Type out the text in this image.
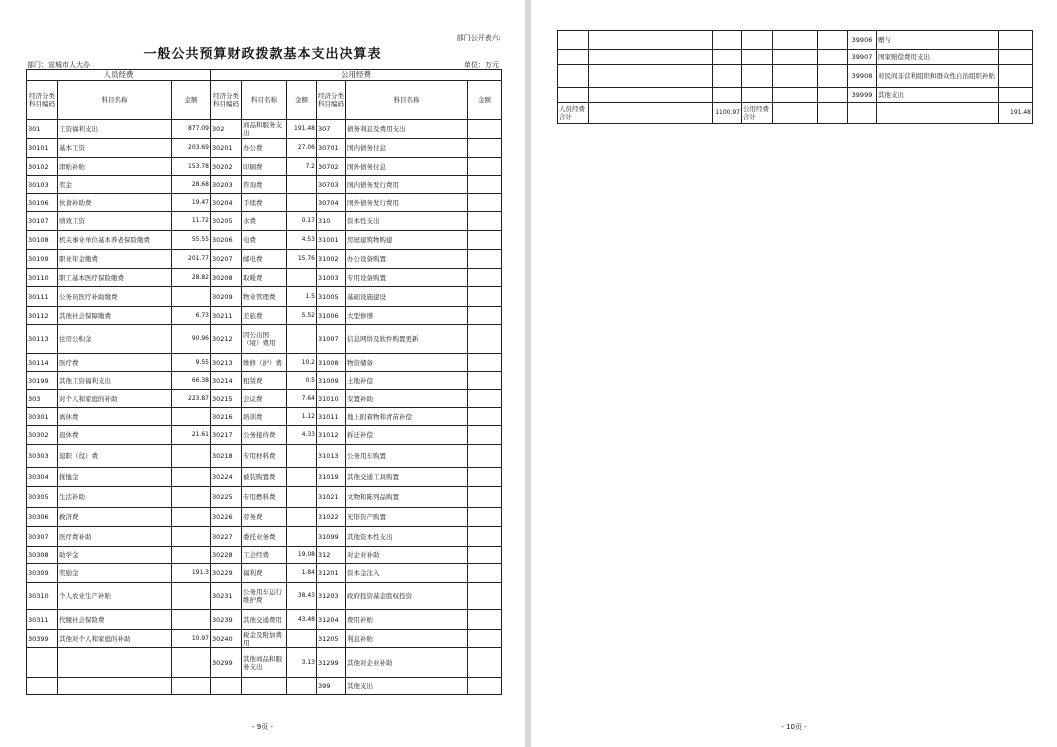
部门公开表六:
一般公共预算财政拨款基本支出决算表
部门：宣城市人大办	单位：万元
人员经费			公用经费					
经济分类科目编码	科目名称	金额	经济分类科目编码	科目名称	金额	经济分类科目编码	科目名称	金额
301	工资福利支出	877.09	302	商品和服务支出	191.48	307	债务利息及费用支出	
30101	基本工资	203.69	30201	办公费	27.06	30701	国内债务付息	
30102	津贴补贴	153.78	30202	印刷费	7.2	30702	国外债务付息	
30103	奖金	28.68	30203	咨询费		30703	国内债务发行费用	
30106	伙食补助费	19.47	30204	手续费		30704	国外债务发行费用	
30107	绩效工资	11.72	30205	水费	0.17	310	资本性支出	
30108	机关事业单位基本养老保险缴费	55.55	30206	电费	4.53	31001	房屋建筑物购建	
30109	职业年金缴费	201.77	30207	邮电费	15.76	31002	办公设备购置	
30110	职工基本医疗保险缴费	28.82	30208	取暖费		31003	专用设备购置	
30111	公务员医疗补助缴费		30209	物业管理费	1.5	31005	基础设施建设	
30112	其他社会保障缴费	6.73	30211	差旅费	5.52	31006	大型修缮	
30113	住房公积金	90.96	30212	因公出国（境）费用		31007	信息网络及软件购置更新	
30114	医疗费	9.55	30213	维修（护）费	10.2	31008	物资储备	
30199	其他工资福利支出	66.38	30214	租赁费	0.5	31009	土地补偿	
303	对个人和家庭的补助	223.87	30215	会议费	7.64	31010	安置补助	
30301	离休费		30216	培训费	1.12	31011	地上附着物和青苗补偿	
30302	退休费	21.61	30217	公务接待费	4.33	31012	拆迁补偿	
30303	退职（役）费		30218	专用材料费		31013	公务用车购置	
30304	抚恤金		30224	被装购置费		31019	其他交通工具购置	
30305	生活补助		30225	专用燃料费		31021	文物和陈列品购置	
30306	救济费		30226	劳务费		31022	无形资产购置	
30307	医疗费补助		30227	委托业务费		31099	其他资本性支出	
30308	助学金		30228	工会经费	19.08	312	对企业补助	
30309	奖励金	191.3	30229	福利费	1.84	31201	资本金注入	
30310	个人农业生产补贴		30231	公务用车运行维护费	38.43	31203	政府投资基金股权投资	
30311	代缴社会保险费		30239	其他交通费用	43.48	31204	费用补贴	
30399	其他对个人和家庭的补助	10.97	30240	税金及附加费用		31205	利息补贴	
			30299	其他商品和服务支出	3.13	31299	其他对企业补助	
						399	其他支出	
- 9页 -
						39906	赠与	
						39907	国家赔偿费用支出	
						39908	对民间非营利组织和群众性自治组织补贴	
						39999	其他支出	
人员经费合计		1100.97	公用经费合计					191.48
- 10页 -
